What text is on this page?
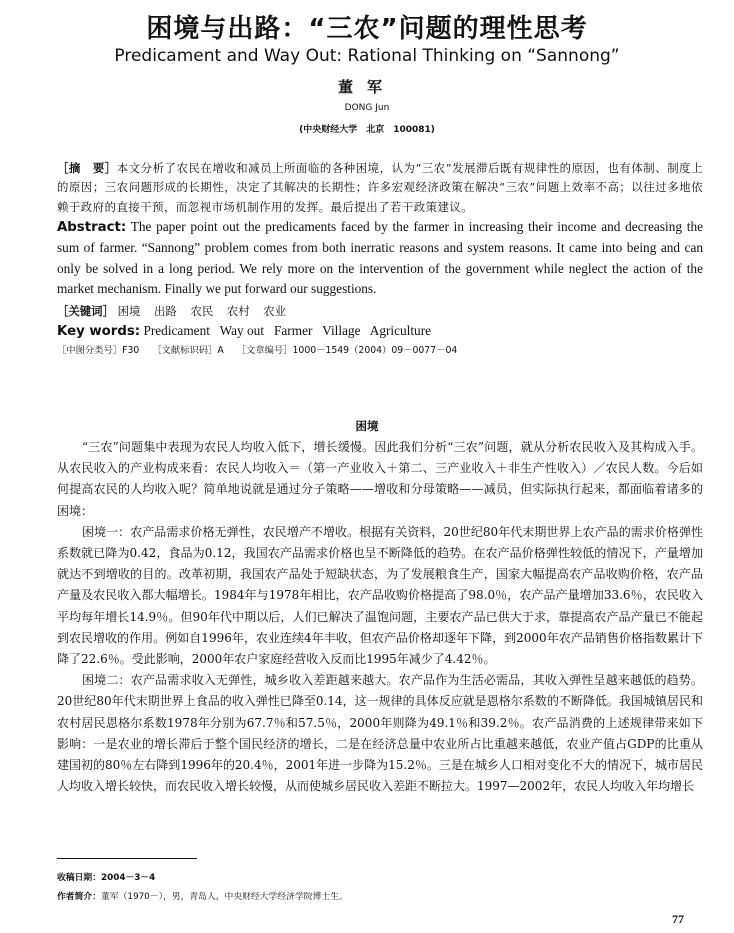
困境与出路：“三农”问题的理性思考
Predicament and Way Out: Rational Thinking on “Sannong”
董军
DONG Jun
(中央财经大学　北京　100081)

［摘　要］本文分析了农民在增收和减员上所面临的各种困境，认为“三农”发展滞后既有规律性的原因，也有体制、制度上的原因；三农问题形成的长期性，决定了其解决的长期性；许多宏观经济政策在解决“三农”问题上效率不高；以往过多地依赖于政府的直接干预，而忽视市场机制作用的发挥。最后提出了若干政策建议。

Abstract: The paper point out the predicaments faced by the farmer in increasing their income and decreasing the sum of farmer. “Sannong” problem comes from both inerratic reasons and system reasons. It came into being and can only be solved in a long period. We rely more on the intervention of the government while neglect the action of the market mechanism. Finally we put forward our suggestions.

［关键词］ 困境 出路 农民 农村 农业

Key words: Predicament Way out Farmer Village Agriculture

［中图分类号］F30 ［文献标识码］A ［文章编号］1000－1549（2004）09－0077－04

困境

“三农”问题集中表现为农民人均收入低下，增长缓慢。因此我们分析“三农”问题，就从分析农民收入及其构成入手。从农民收入的产业构成来看：农民人均收入＝（第一产业收入＋第二、三产业收入＋非生产性收入）／农民人数。今后如何提高农民的人均收入呢？简单地说就是通过分子策略——增收和分母策略——减员，但实际执行起来，都面临着诸多的困境：

困境一：农产品需求价格无弹性，农民增产不增收。根据有关资料，20世纪80年代末期世界上农产品的需求价格弹性系数就已降为0.42，食品为0.12，我国农产品需求价格也呈不断降低的趋势。在农产品价格弹性较低的情况下，产量增加就达不到增收的目的。改革初期，我国农产品处于短缺状态，为了发展粮食生产，国家大幅提高农产品收购价格，农产品产量及农民收入都大幅增长。1984年与1978年相比，农产品收购价格提高了98.0％，农产品产量增加33.6％，农民收入平均每年增长14.9％。但90年代中期以后，人们已解决了温饱问题，主要农产品已供大于求，靠提高农产品产量已不能起到农民增收的作用。例如自1996年，农业连续4年丰收，但农产品价格却逐年下降，到2000年农产品销售价格指数累计下降了22.6％。受此影响，2000年农户家庭经营收入反而比1995年减少了4.42％。

困境二：农产品需求收入无弹性，城乡收入差距越来越大。农产品作为生活必需品，其收入弹性呈越来越低的趋势。20世纪80年代末期世界上食品的收入弹性已降至0.14，这一规律的具体反应就是恩格尔系数的不断降低。我国城镇居民和农村居民恩格尔系数1978年分别为67.7％和57.5％，2000年则降为49.1％和39.2％。农产品消费的上述规律带来如下影响：一是农业的增长滞后于整个国民经济的增长，二是在经济总量中农业所占比重越来越低，农业产值占GDP的比重从建国初的80％左右降到1996年的20.4％，2001年进一步降为15.2％。三是在城乡人口相对变化不大的情况下，城市居民人均收入增长较快，而农民收入增长较慢，从而使城乡居民收入差距不断拉大。1997—2002年，农民人均收入年均增长

收稿日期：2004－3－4
作者简介：董军（1970－），男，青岛人，中央财经大学经济学院博士生。
77
